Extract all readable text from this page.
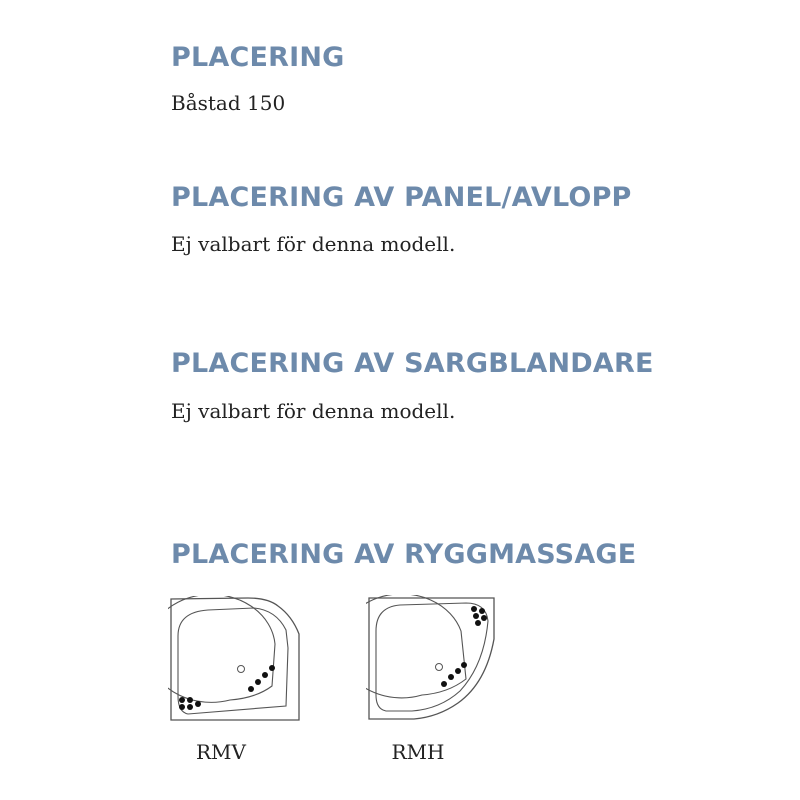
PLACERING

Båstad 150

PLACERING AV PANEL/AVLOPP

Ej valbart för denna modell.

PLACERING AV SARGBLANDARE

Ej valbart för denna modell.

PLACERING AV RYGGMASSAGE

RMV	RMH
